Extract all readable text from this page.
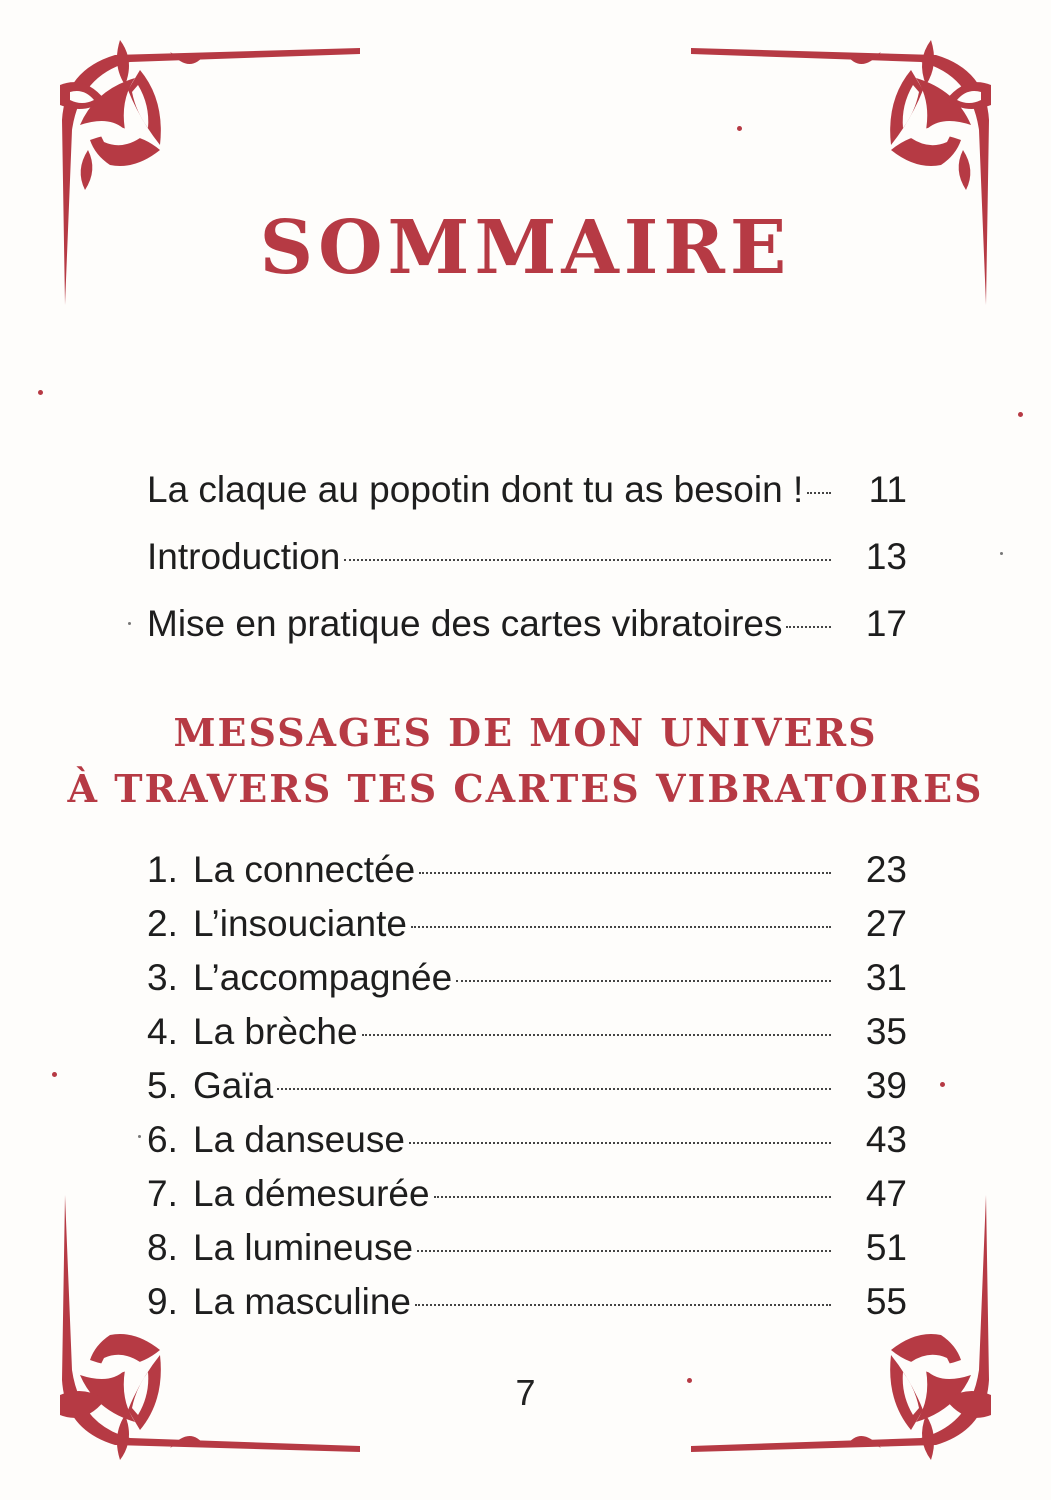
SOMMAIRE
La claque au popotin dont tu as besoin !	11
Introduction	13
Mise en pratique des cartes vibratoires	17
MESSAGES DE MON UNIVERS
À TRAVERS TES CARTES VIBRATOIRES
1. La connectée	23
2. L’insouciante	27
3. L’accompagnée	31
4. La brèche	35
5. Gaïa	39
6. La danseuse	43
7. La démesurée	47
8. La lumineuse	51
9. La masculine	55
7
